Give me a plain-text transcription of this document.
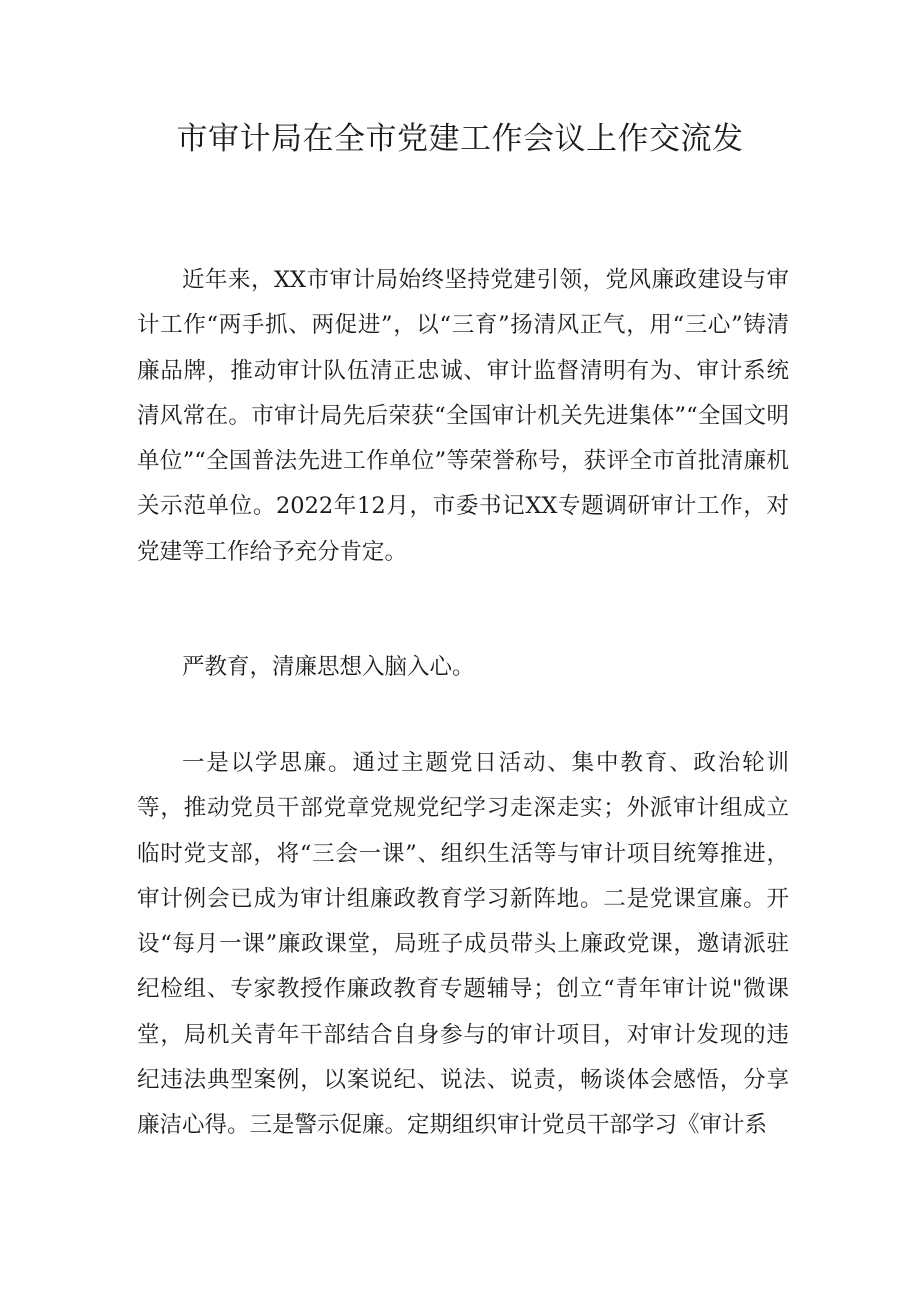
市审计局在全市党建工作会议上作交流发

近年来，XX市审计局始终坚持党建引领，党风廉政建设与审计工作“两手抓、两促进”，以“三育”扬清风正气，用“三心”铸清廉品牌，推动审计队伍清正忠诚、审计监督清明有为、审计系统清风常在。市审计局先后荣获“全国审计机关先进集体”“全国文明单位”“全国普法先进工作单位”等荣誉称号，获评全市首批清廉机关示范单位。2022年12月，市委书记XX专题调研审计工作，对党建等工作给予充分肯定。

严教育，清廉思想入脑入心。

一是以学思廉。通过主题党日活动、集中教育、政治轮训等，推动党员干部党章党规党纪学习走深走实；外派审计组成立临时党支部，将“三会一课”、组织生活等与审计项目统筹推进，审计例会已成为审计组廉政教育学习新阵地。二是党课宣廉。开设“每月一课”廉政课堂，局班子成员带头上廉政党课，邀请派驻纪检组、专家教授作廉政教育专题辅导；创立“青年审计说"微课堂，局机关青年干部结合自身参与的审计项目，对审计发现的违纪违法典型案例，以案说纪、说法、说责，畅谈体会感悟，分享廉洁心得。三是警示促廉。定期组织审计党员干部学习《审计系
